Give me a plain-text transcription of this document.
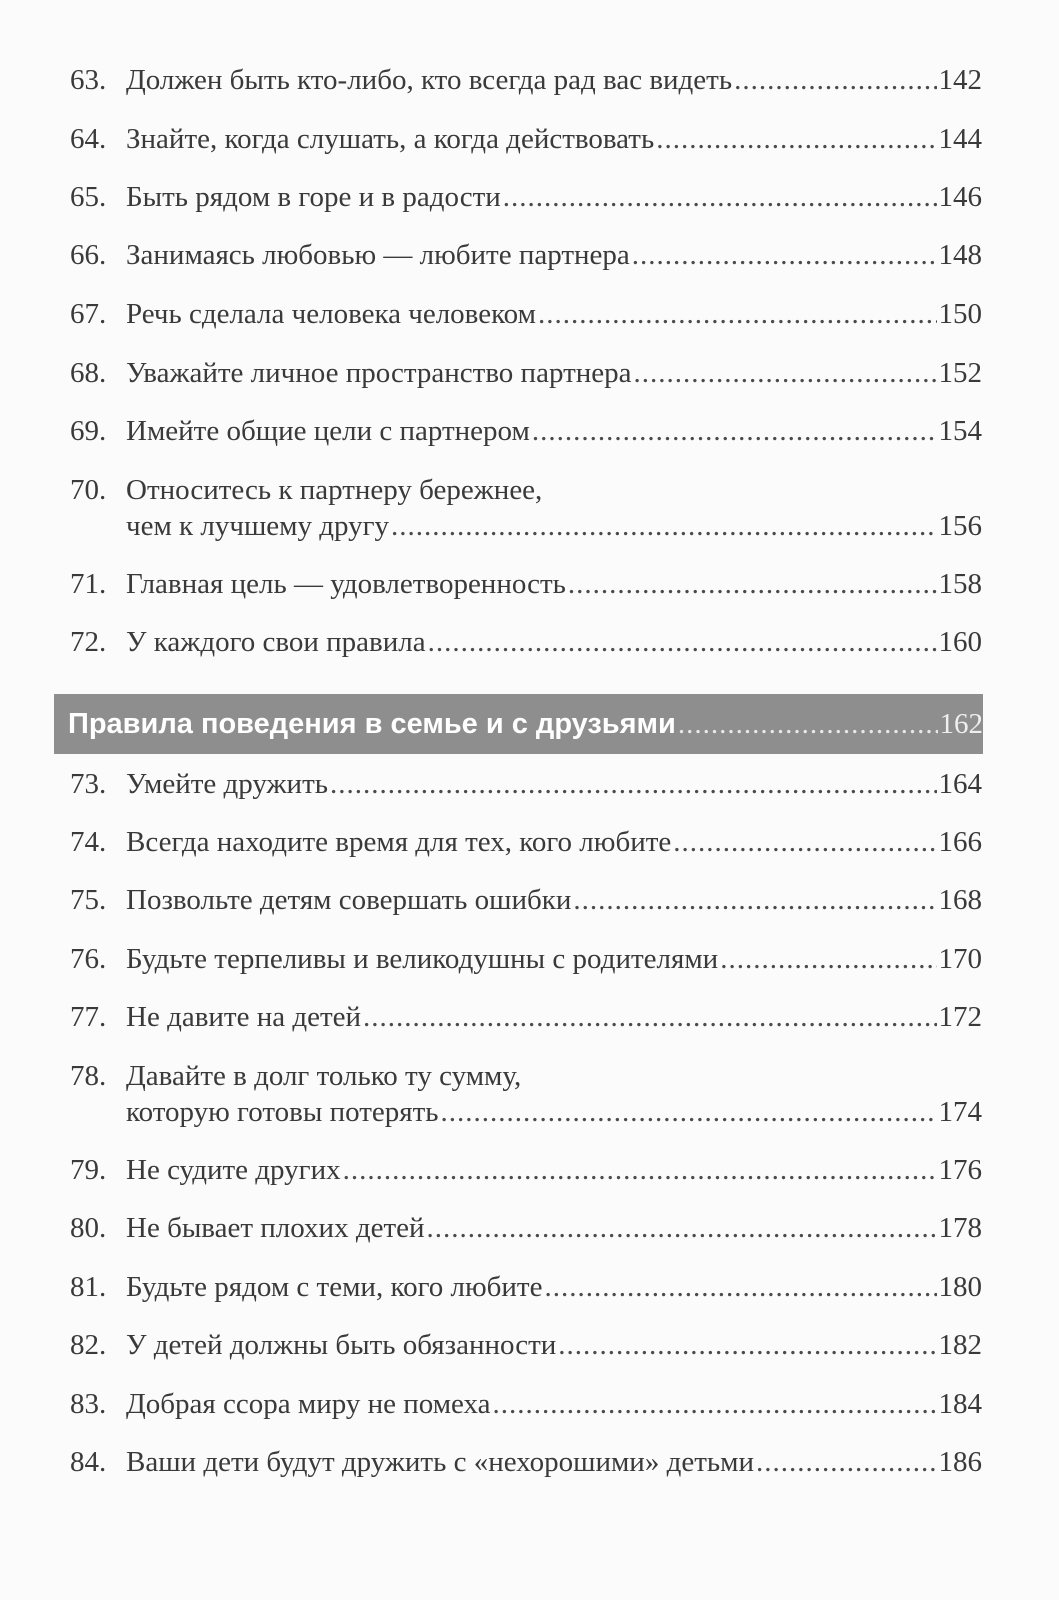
63. Должен быть кто-либо, кто всегда рад вас видеть .....	142
64. Знайте, когда слушать, а когда действовать .....	144
65. Быть рядом в горе и в радости .....	146
66. Занимаясь любовью — любите партнера .....	148
67. Речь сделала человека человеком .....	150
68. Уважайте личное пространство партнера .....	152
69. Имейте общие цели с партнером .....	154
70. Относитесь к партнеру бережнее,
чем к лучшему другу .....	156
71. Главная цель — удовлетворенность .....	158
72. У каждого свои правила .....	160
Правила поведения в семье и с друзьями .....	162
73. Умейте дружить .....	164
74. Всегда находите время для тех, кого любите .....	166
75. Позвольте детям совершать ошибки .....	168
76. Будьте терпеливы и великодушны с родителями .....	170
77. Не давите на детей .....	172
78. Давайте в долг только ту сумму,
которую готовы потерять .....	174
79. Не судите других .....	176
80. Не бывает плохих детей .....	178
81. Будьте рядом с теми, кого любите .....	180
82. У детей должны быть обязанности .....	182
83. Добрая ссора миру не помеха .....	184
84. Ваши дети будут дружить с «нехорошими» детьми .....	186
